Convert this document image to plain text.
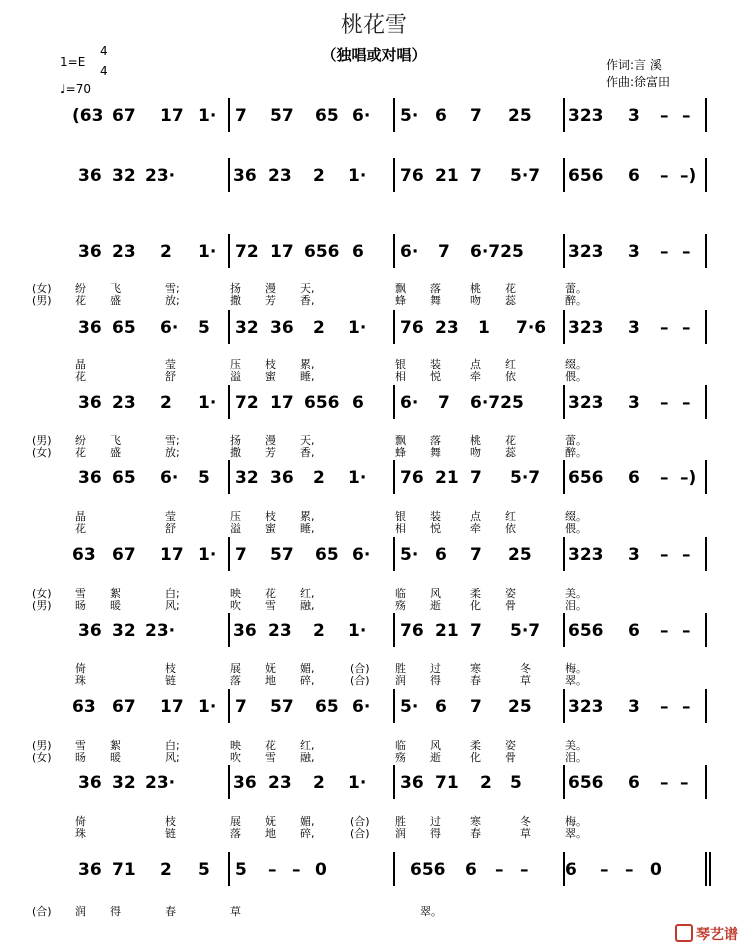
桃花雪
（独唱或对唱）
作词:言 溪
作曲:徐富田
1=E
4
4
♩=70
(63 67 17 1· 7 57 65 6· 5· 6 7 25 323 3 – –
36 32 23·	36 23 2 1· 76 21 7 5·7 656 6 – –)
36 23 2 1· 72 17 656 6 6· 7 6·725	323 3 – –
36 65 6· 5 32 36 2 1· 76 23 1 7·6 323 3 – –
36 23 2 1· 72 17 656 6 6· 7 6·725	323 3 – –
36 65 6· 5 32 36 2 1· 76 21 7 5·7 656 6 – –)
63 67 17 1· 7 57 65 6· 5· 6 7 25 323 3 – –
36 32 23·	36 23 2 1· 76 21 7 5·7 656 6 – –
63 67 17 1· 7 57 65 6· 5· 6 7 25 323 3 – –
36 32 23·	36 23 2 1· 36 71 2 5	656 6 – –
36 71 2 5 5 – – 0	656 6 – – 6 – – 0
(女) 纷 飞	雪;	扬 漫 天,	飘 落	桃 花	蕾。
(男) 花 盛	放;	撒 芳 香,	蜂 舞	吻 蕊	醉。
晶	莹	压 枝 累,	银 装	点 红	缀。
花	舒	溢 蜜 睡,	相 悦	牵 依	偎。
(男) 纷 飞	雪;	扬 漫 天,	飘 落	桃 花	蕾。
(女) 花 盛	放;	撒 芳 香,	蜂 舞	吻 蕊	醉。
晶	莹	压 枝 累,	银 装	点 红	缀。
花	舒	溢 蜜 睡,	相 悦	牵 依	偎。
(女) 雪 絮	白;	映 花 红,	临 风	柔 姿	美。
(男) 旸 暖	风;	吹 雪 融,	殇 逝	化 骨	泪。
倚	枝	展 妩 媚,	(合) 胜 过	寒	冬	梅。
珠	链	落 地 碎,	(合) 润 得	春	草	翠。
(男) 雪 絮	白;	映 花 红,	临 风	柔 姿	美。
(女) 旸 暖	风;	吹 雪 融,	殇 逝	化 骨	泪。
倚	枝	展 妩 媚,	(合) 胜 过	寒	冬	梅。
珠	链	落 地 碎,	(合) 润 得	春	草	翠。
(合) 润 得	春	草	翠。
琴艺谱
